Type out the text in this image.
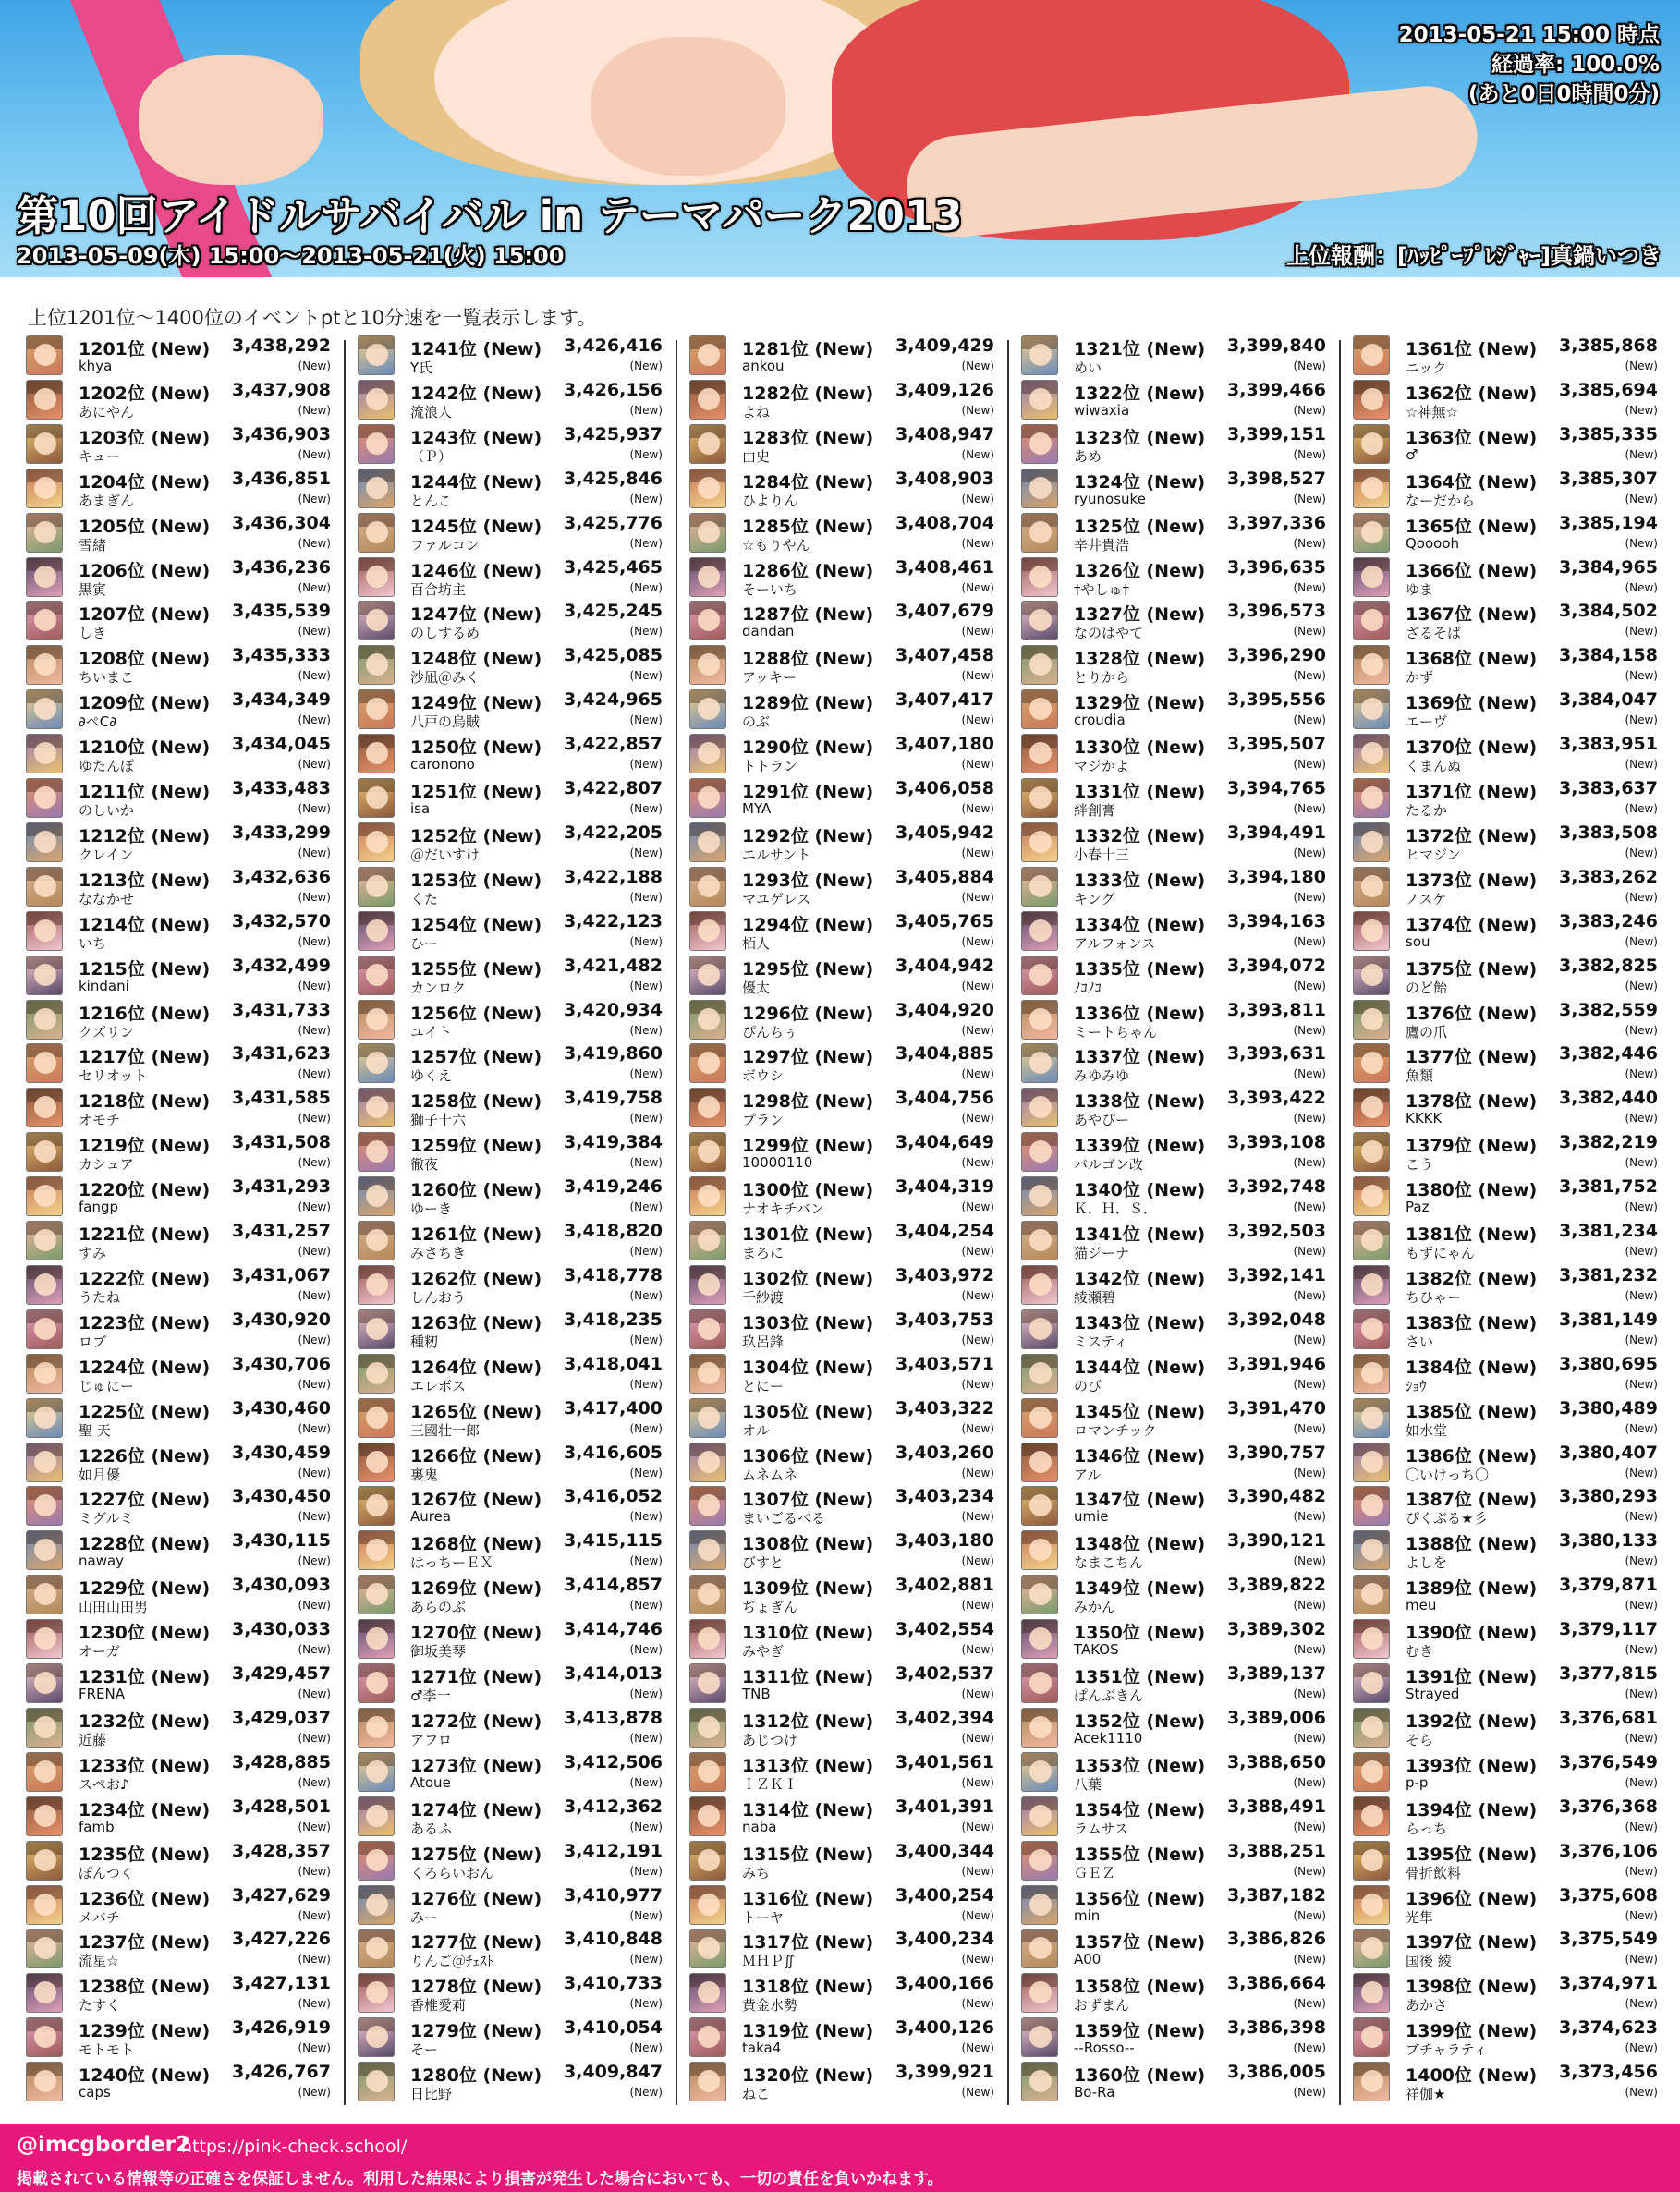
2013-05-21 15:00 時点
経過率: 100.0%
(あと0日0時間0分)
第10回アイドルサバイバル in テーマパーク2013
2013-05-09(木) 15:00～2013-05-21(火) 15:00	上位報酬：[ﾊｯﾋﾟｰﾌﾟﾚｼﾞｬｰ]真鍋いつき
上位1201位～1400位のイベントptと10分速を一覧表示します。
1201位 (New) 3,438,292
khya	(New)
1202位 (New) 3,437,908
あにやん	(New)
1203位 (New) 3,436,903
キュー	(New)
1204位 (New) 3,436,851
あまぎん	(New)
1205位 (New) 3,436,304
雪緒	(New)
1206位 (New) 3,436,236
黒寅	(New)
1207位 (New) 3,435,539
しき	(New)
1208位 (New) 3,435,333
ちいまこ	(New)
1209位 (New) 3,434,349
∂ぺC∂	(New)
1210位 (New) 3,434,045
ゆたんぽ	(New)
1211位 (New) 3,433,483
のしいか	(New)
1212位 (New) 3,433,299
クレイン	(New)
1213位 (New) 3,432,636
ななかせ	(New)
1214位 (New) 3,432,570
いち	(New)
1215位 (New) 3,432,499
kindani	(New)
1216位 (New) 3,431,733
クズリン	(New)
1217位 (New) 3,431,623
セリオット	(New)
1218位 (New) 3,431,585
オモチ	(New)
1219位 (New) 3,431,508
カシュア	(New)
1220位 (New) 3,431,293
fangp	(New)
1221位 (New) 3,431,257
すみ	(New)
1222位 (New) 3,431,067
うたね	(New)
1223位 (New) 3,430,920
ロブ	(New)
1224位 (New) 3,430,706
じゅにー	(New)
1225位 (New) 3,430,460
聖 天	(New)
1226位 (New) 3,430,459
如月優	(New)
1227位 (New) 3,430,450
ミグルミ	(New)
1228位 (New) 3,430,115
naway	(New)
1229位 (New) 3,430,093
山田山田男	(New)
1230位 (New) 3,430,033
オーガ	(New)
1231位 (New) 3,429,457
FRENA	(New)
1232位 (New) 3,429,037
近藤	(New)
1233位 (New) 3,428,885
スペお♪	(New)
1234位 (New) 3,428,501
famb	(New)
1235位 (New) 3,428,357
ぽんつく	(New)
1236位 (New) 3,427,629
メバチ	(New)
1237位 (New) 3,427,226
流星☆	(New)
1238位 (New) 3,427,131
たすく	(New)
1239位 (New) 3,426,919
モトモト	(New)
1240位 (New) 3,426,767
caps	(New)
1241位 (New) 3,426,416
Y氏	(New)
1242位 (New) 3,426,156
流浪人	(New)
1243位 (New) 3,425,937
（Ｐ）	(New)
1244位 (New) 3,425,846
とんこ	(New)
1245位 (New) 3,425,776
ファルコン	(New)
1246位 (New) 3,425,465
百合坊主	(New)
1247位 (New) 3,425,245
のしするめ	(New)
1248位 (New) 3,425,085
沙凪＠みく	(New)
1249位 (New) 3,424,965
八戸の烏賊	(New)
1250位 (New) 3,422,857
caronono	(New)
1251位 (New) 3,422,807
isa	(New)
1252位 (New) 3,422,205
＠だいすけ	(New)
1253位 (New) 3,422,188
くた	(New)
1254位 (New) 3,422,123
ひー	(New)
1255位 (New) 3,421,482
カンロク	(New)
1256位 (New) 3,420,934
ユイト	(New)
1257位 (New) 3,419,860
ゆくえ	(New)
1258位 (New) 3,419,758
獅子十六	(New)
1259位 (New) 3,419,384
徹夜	(New)
1260位 (New) 3,419,246
ゆーき	(New)
1261位 (New) 3,418,820
みさちき	(New)
1262位 (New) 3,418,778
しんおう	(New)
1263位 (New) 3,418,235
種籾	(New)
1264位 (New) 3,418,041
エレボス	(New)
1265位 (New) 3,417,400
三國壮一郎	(New)
1266位 (New) 3,416,605
裏鬼	(New)
1267位 (New) 3,416,052
Aurea	(New)
1268位 (New) 3,415,115
はっちーＥＸ	(New)
1269位 (New) 3,414,857
あらのぶ	(New)
1270位 (New) 3,414,746
御坂美琴	(New)
1271位 (New) 3,414,013
♂李一	(New)
1272位 (New) 3,413,878
アフロ	(New)
1273位 (New) 3,412,506
Atoue	(New)
1274位 (New) 3,412,362
あるふ	(New)
1275位 (New) 3,412,191
くろらいおん	(New)
1276位 (New) 3,410,977
みー	(New)
1277位 (New) 3,410,848
りんご＠ﾁｪｽﾄ	(New)
1278位 (New) 3,410,733
香椎愛莉	(New)
1279位 (New) 3,410,054
そー	(New)
1280位 (New) 3,409,847
日比野	(New)
1281位 (New) 3,409,429
ankou	(New)
1282位 (New) 3,409,126
よね	(New)
1283位 (New) 3,408,947
由史	(New)
1284位 (New) 3,408,903
ひよりん	(New)
1285位 (New) 3,408,704
☆もりやん	(New)
1286位 (New) 3,408,461
そーいち	(New)
1287位 (New) 3,407,679
dandan	(New)
1288位 (New) 3,407,458
アッキー	(New)
1289位 (New) 3,407,417
のぶ	(New)
1290位 (New) 3,407,180
トトラン	(New)
1291位 (New) 3,406,058
MYA	(New)
1292位 (New) 3,405,942
エルサント	(New)
1293位 (New) 3,405,884
マユゲレス	(New)
1294位 (New) 3,405,765
栢人	(New)
1295位 (New) 3,404,942
優太	(New)
1296位 (New) 3,404,920
ぴんちぅ	(New)
1297位 (New) 3,404,885
ボウシ	(New)
1298位 (New) 3,404,756
プラン	(New)
1299位 (New) 3,404,649
10000110	(New)
1300位 (New) 3,404,319
ナオキチバン	(New)
1301位 (New) 3,404,254
まろに	(New)
1302位 (New) 3,403,972
千紗渡	(New)
1303位 (New) 3,403,753
玖呂鋒	(New)
1304位 (New) 3,403,571
とにー	(New)
1305位 (New) 3,403,322
オル	(New)
1306位 (New) 3,403,260
ムネムネ	(New)
1307位 (New) 3,403,234
まいごるべる	(New)
1308位 (New) 3,403,180
びすと	(New)
1309位 (New) 3,402,881
ぢょぎん	(New)
1310位 (New) 3,402,554
みやぎ	(New)
1311位 (New) 3,402,537
TNB	(New)
1312位 (New) 3,402,394
あじつけ	(New)
1313位 (New) 3,401,561
ＩＺＫＩ	(New)
1314位 (New) 3,401,391
naba	(New)
1315位 (New) 3,400,344
みち	(New)
1316位 (New) 3,400,254
トーヤ	(New)
1317位 (New) 3,400,234
ＭＨＰ∬	(New)
1318位 (New) 3,400,166
黄金水勢	(New)
1319位 (New) 3,400,126
taka4	(New)
1320位 (New) 3,399,921
ねこ	(New)
1321位 (New) 3,399,840
めい	(New)
1322位 (New) 3,399,466
wiwaxia	(New)
1323位 (New) 3,399,151
あめ	(New)
1324位 (New) 3,398,527
ryunosuke	(New)
1325位 (New) 3,397,336
辛井貴浩	(New)
1326位 (New) 3,396,635
†やしゅ†	(New)
1327位 (New) 3,396,573
なのはやて	(New)
1328位 (New) 3,396,290
とりから	(New)
1329位 (New) 3,395,556
croudia	(New)
1330位 (New) 3,395,507
マジかよ	(New)
1331位 (New) 3,394,765
絆創膏	(New)
1332位 (New) 3,394,491
小春十三	(New)
1333位 (New) 3,394,180
キング	(New)
1334位 (New) 3,394,163
アルフォンス	(New)
1335位 (New) 3,394,072
ﾉｺﾉｺ	(New)
1336位 (New) 3,393,811
ミートちゃん	(New)
1337位 (New) 3,393,631
みゆみゆ	(New)
1338位 (New) 3,393,422
あやぴー	(New)
1339位 (New) 3,393,108
バルゴン改	(New)
1340位 (New) 3,392,748
Ｋ．Ｈ．Ｓ．	(New)
1341位 (New) 3,392,503
猫ジーナ	(New)
1342位 (New) 3,392,141
綾瀬碧	(New)
1343位 (New) 3,392,048
ミスティ	(New)
1344位 (New) 3,391,946
のび	(New)
1345位 (New) 3,391,470
ロマンチック	(New)
1346位 (New) 3,390,757
アル	(New)
1347位 (New) 3,390,482
umie	(New)
1348位 (New) 3,390,121
なまこちん	(New)
1349位 (New) 3,389,822
みかん	(New)
1350位 (New) 3,389,302
TAKOS	(New)
1351位 (New) 3,389,137
ぱんぶきん	(New)
1352位 (New) 3,389,006
Acek1110	(New)
1353位 (New) 3,388,650
八葉	(New)
1354位 (New) 3,388,491
ラムサス	(New)
1355位 (New) 3,388,251
ＧＥＺ	(New)
1356位 (New) 3,387,182
min	(New)
1357位 (New) 3,386,826
A00	(New)
1358位 (New) 3,386,664
おずまん	(New)
1359位 (New) 3,386,398
--Rosso--	(New)
1360位 (New) 3,386,005
Bo-Ra	(New)
1361位 (New) 3,385,868
ニック	(New)
1362位 (New) 3,385,694
☆神無☆	(New)
1363位 (New) 3,385,335
♂	(New)
1364位 (New) 3,385,307
なーだから	(New)
1365位 (New) 3,385,194
Qooooh	(New)
1366位 (New) 3,384,965
ゆま	(New)
1367位 (New) 3,384,502
ざるそば	(New)
1368位 (New) 3,384,158
かず	(New)
1369位 (New) 3,384,047
エーヴ	(New)
1370位 (New) 3,383,951
くまんぬ	(New)
1371位 (New) 3,383,637
たるか	(New)
1372位 (New) 3,383,508
ヒマジン	(New)
1373位 (New) 3,383,262
ノスケ	(New)
1374位 (New) 3,383,246
sou	(New)
1375位 (New) 3,382,825
のど飴	(New)
1376位 (New) 3,382,559
鷹の爪	(New)
1377位 (New) 3,382,446
魚類	(New)
1378位 (New) 3,382,440
KKKK	(New)
1379位 (New) 3,382,219
こう	(New)
1380位 (New) 3,381,752
Paz	(New)
1381位 (New) 3,381,234
もずにゃん	(New)
1382位 (New) 3,381,232
ちひゃー	(New)
1383位 (New) 3,381,149
さい	(New)
1384位 (New) 3,380,695
ｼｮｳ	(New)
1385位 (New) 3,380,489
如水堂	(New)
1386位 (New) 3,380,407
〇いけっち〇	(New)
1387位 (New) 3,380,293
ぴくぶる★彡	(New)
1388位 (New) 3,380,133
よしを	(New)
1389位 (New) 3,379,871
meu	(New)
1390位 (New) 3,379,117
むき	(New)
1391位 (New) 3,377,815
Strayed	(New)
1392位 (New) 3,376,681
そら	(New)
1393位 (New) 3,376,549
p-p	(New)
1394位 (New) 3,376,368
らっち	(New)
1395位 (New) 3,376,106
骨折飲料	(New)
1396位 (New) 3,375,608
光隼	(New)
1397位 (New) 3,375,549
国後 綾	(New)
1398位 (New) 3,374,971
あかさ	(New)
1399位 (New) 3,374,623
ブチャラティ	(New)
1400位 (New) 3,373,456
祥伽★	(New)
@imcgborder2
https://pink-check.school/
掲載されている情報等の正確さを保証しません。利用した結果により損害が発生した場合においても、一切の責任を負いかねます。
